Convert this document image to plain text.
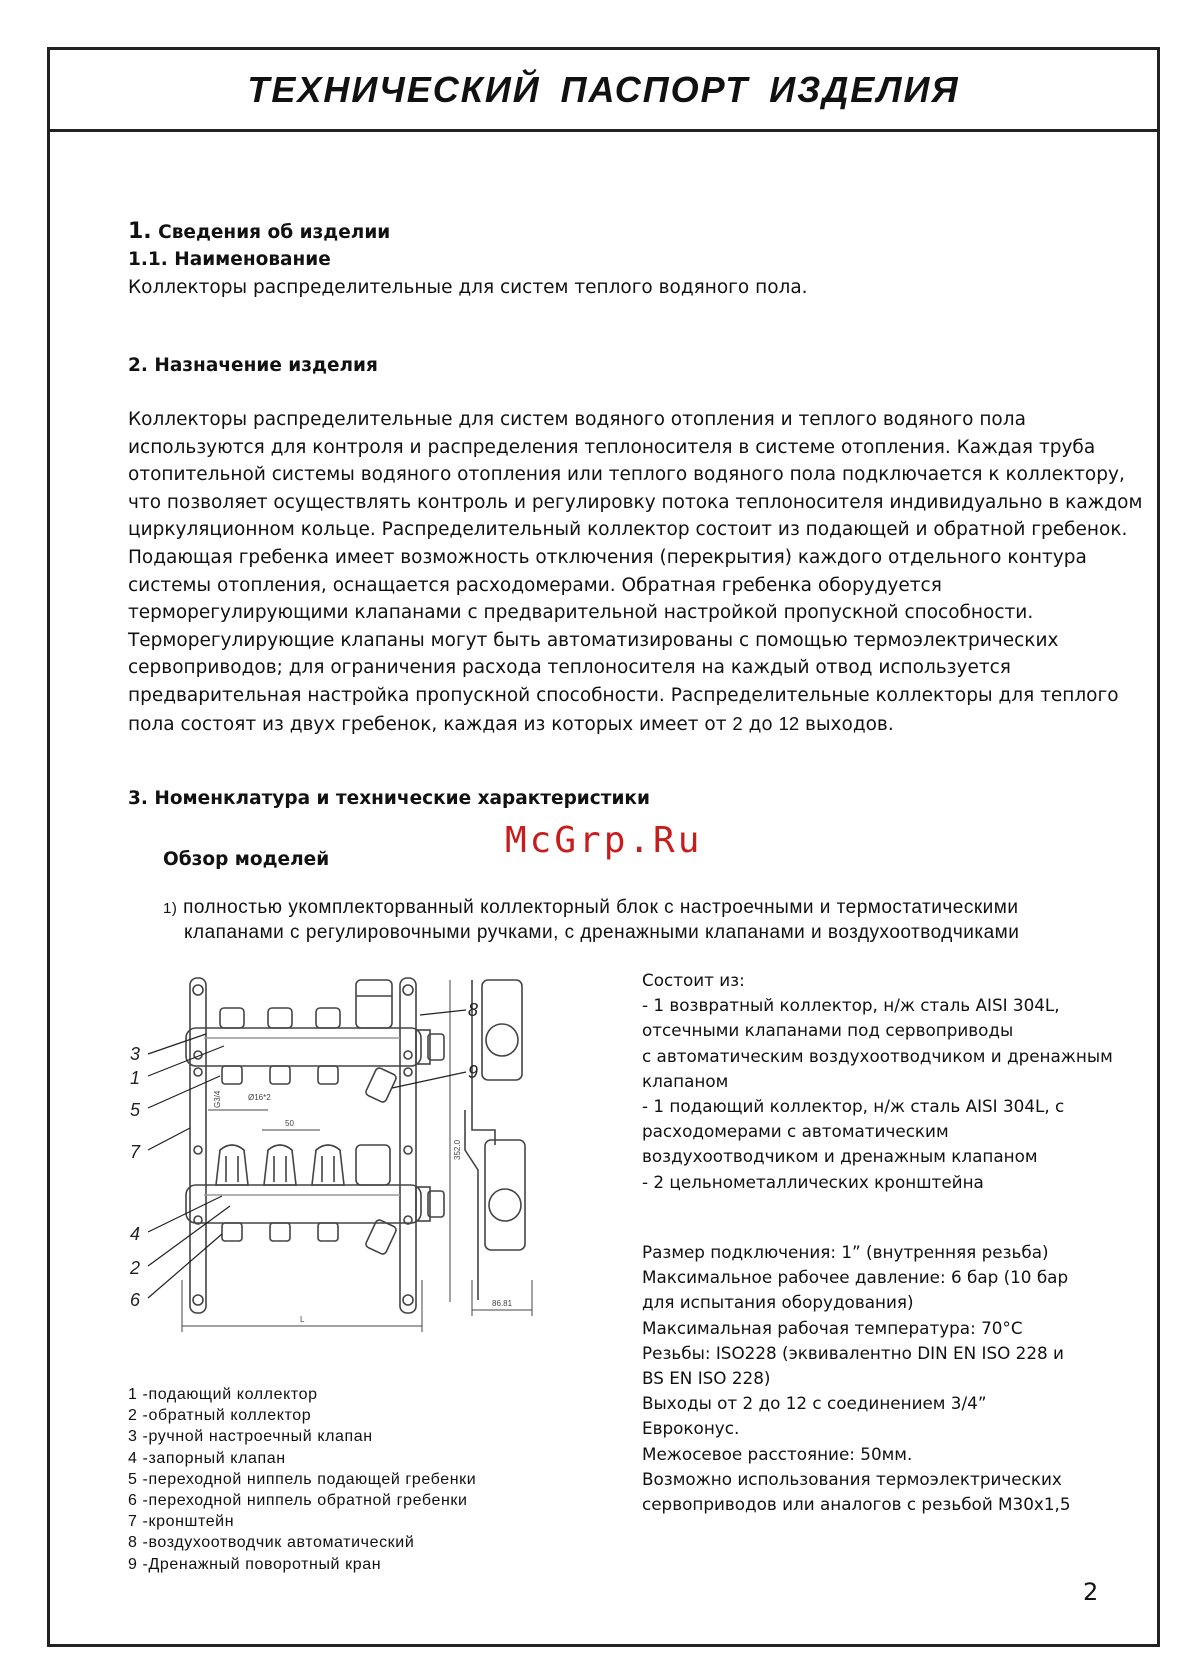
ТЕХНИЧЕСКИЙ ПАСПОРТ ИЗДЕЛИЯ
1. Сведения об изделии
1.1. Наименование
Коллекторы распределительные для систем теплого водяного пола.
2. Назначение изделия
Коллекторы распределительные для систем водяного отопления и теплого водяного пола
используются для контроля и распределения теплоносителя в системе отопления. Каждая труба
отопительной системы водяного отопления или теплого водяного пола подключается к коллектору,
что позволяет осуществлять контроль и регулировку потока теплоносителя индивидуально в каждом
циркуляционном кольце. Распределительный коллектор состоит из подающей и обратной гребенок.
Подающая гребенка имеет возможность отключения (перекрытия) каждого отдельного контура
системы отопления, оснащается расходомерами. Обратная гребенка оборудуется
терморегулирующими клапанами с предварительной настройкой пропускной способности.
Терморегулирующие клапаны могут быть автоматизированы с помощью термоэлектрических
сервоприводов; для ограничения расхода теплоносителя на каждый отвод используется
предварительная настройка пропускной способности. Распределительные коллекторы для теплого
пола состоят из двух гребенок, каждая из которых имеет от 2 до 12 выходов.
3. Номенклатура и технические характеристики
Обзор моделей	McGrp.Ru
1) полностью укомплекторванный коллекторный блок с настроечными и термостатическими
клапанами с регулировочными ручками, с дренажными клапанами и воздухоотводчиками
3
1
5
7
4
2
6
8
9
G3/4	Ø16*2
50
352.0
L
86.81
1 -подающий коллектор
2 -обратный коллектор
3 -ручной настроечный клапан
4 -запорный клапан
5 -переходной ниппель подающей гребенки
6 -переходной ниппель обратной гребенки
7 -кронштейн
8 -воздухоотводчик автоматический
9 -Дренажный поворотный кран
Состоит из:
- 1 возвратный коллектор, н/ж сталь AISI 304L,
отсечными клапанами под сервоприводы
с автоматическим воздухоотводчиком и дренажным
клапаном
- 1 подающий коллектор, н/ж сталь AISI 304L, с
расходомерами с автоматическим
воздухоотводчиком и дренажным клапаном
- 2 цельнометаллических кронштейна
Размер подключения: 1” (внутренняя резьба)
Максимальное рабочее давление: 6 бар (10 бар
для испытания оборудования)
Максимальная рабочая температура: 70°С
Резьбы: ISO228 (эквивалентно DIN EN ISO 228 и
BS EN ISO 228)
Выходы от 2 до 12 с соединением 3/4”
Евроконус.
Межосевое расстояние: 50мм.
Возможно использования термоэлектрических
сервоприводов или аналогов с резьбой М30х1,5
2
